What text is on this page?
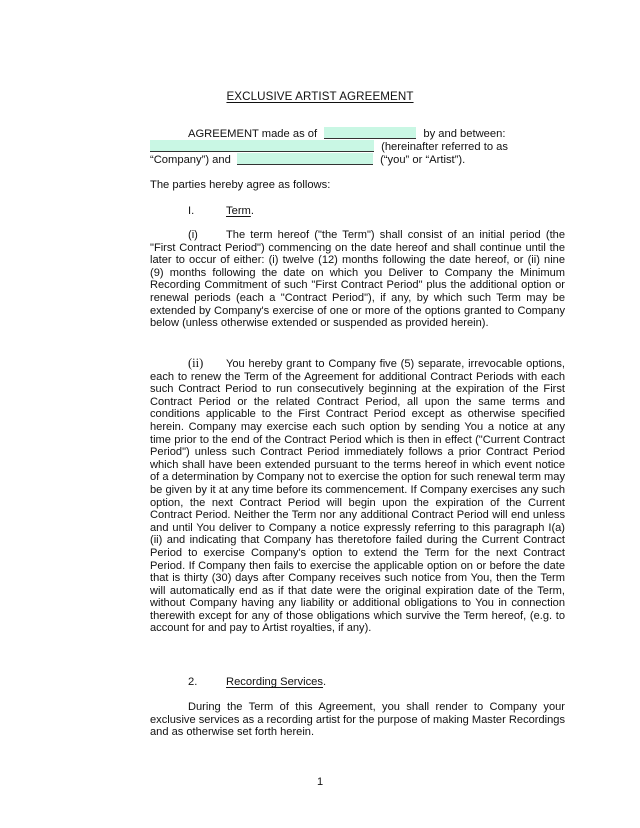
EXCLUSIVE ARTIST AGREEMENT
AGREEMENT made as of	by and between:
(hereinafter referred to as
“Company”) and	(“you” or “Artist”).
The parties hereby agree as follows:
I.	Term.
(i)	The term hereof ("the Term") shall consist of an initial period (the "First Contract Period") commencing on the date hereof and shall continue until the later to occur of either: (i) twelve (12) months following the date hereof, or (ii) nine (9) months following the date on which you Deliver to Company the Minimum Recording Commitment of such "First Contract Period" plus the additional option or renewal periods (each a "Contract Period"), if any, by which such Term may be extended by Company's exercise of one or more of the options granted to Company below (unless otherwise extended or suspended as provided herein).
(ii) You hereby grant to Company five (5) separate, irrevocable options, each to renew the Term of the Agreement for additional Contract Periods with each such Contract Period to run consecutively beginning at the expiration of the First Contract Period or the related Contract Period, all upon the same terms and conditions applicable to the First Contract Period except as otherwise specified herein. Company may exercise each such option by sending You a notice at any time prior to the end of the Contract Period which is then in effect ("Current Contract Period") unless such Contract Period immediately follows a prior Contract Period which shall have been extended pursuant to the terms hereof in which event notice of a determination by Company not to exercise the option for such renewal term may be given by it at any time before its commencement. If Company exercises any such option, the next Contract Period will begin upon the expiration of the Current Contract Period. Neither the Term nor any additional Contract Period will end unless and until You deliver to Company a notice expressly referring to this paragraph I(a)(ii) and indicating that Company has theretofore failed during the Current Contract Period to exercise Company's option to extend the Term for the next Contract Period. If Company then fails to exercise the applicable option on or before the date that is thirty (30) days after Company receives such notice from You, then the Term will automatically end as if that date were the original expiration date of the Term, without Company having any liability or additional obligations to You in connection therewith except for any of those obligations which survive the Term hereof, (e.g. to account for and pay to Artist royalties, if any).
2.	Recording Services.
During the Term of this Agreement, you shall render to Company your exclusive services as a recording artist for the purpose of making Master Recordings and as otherwise set forth herein.
1
